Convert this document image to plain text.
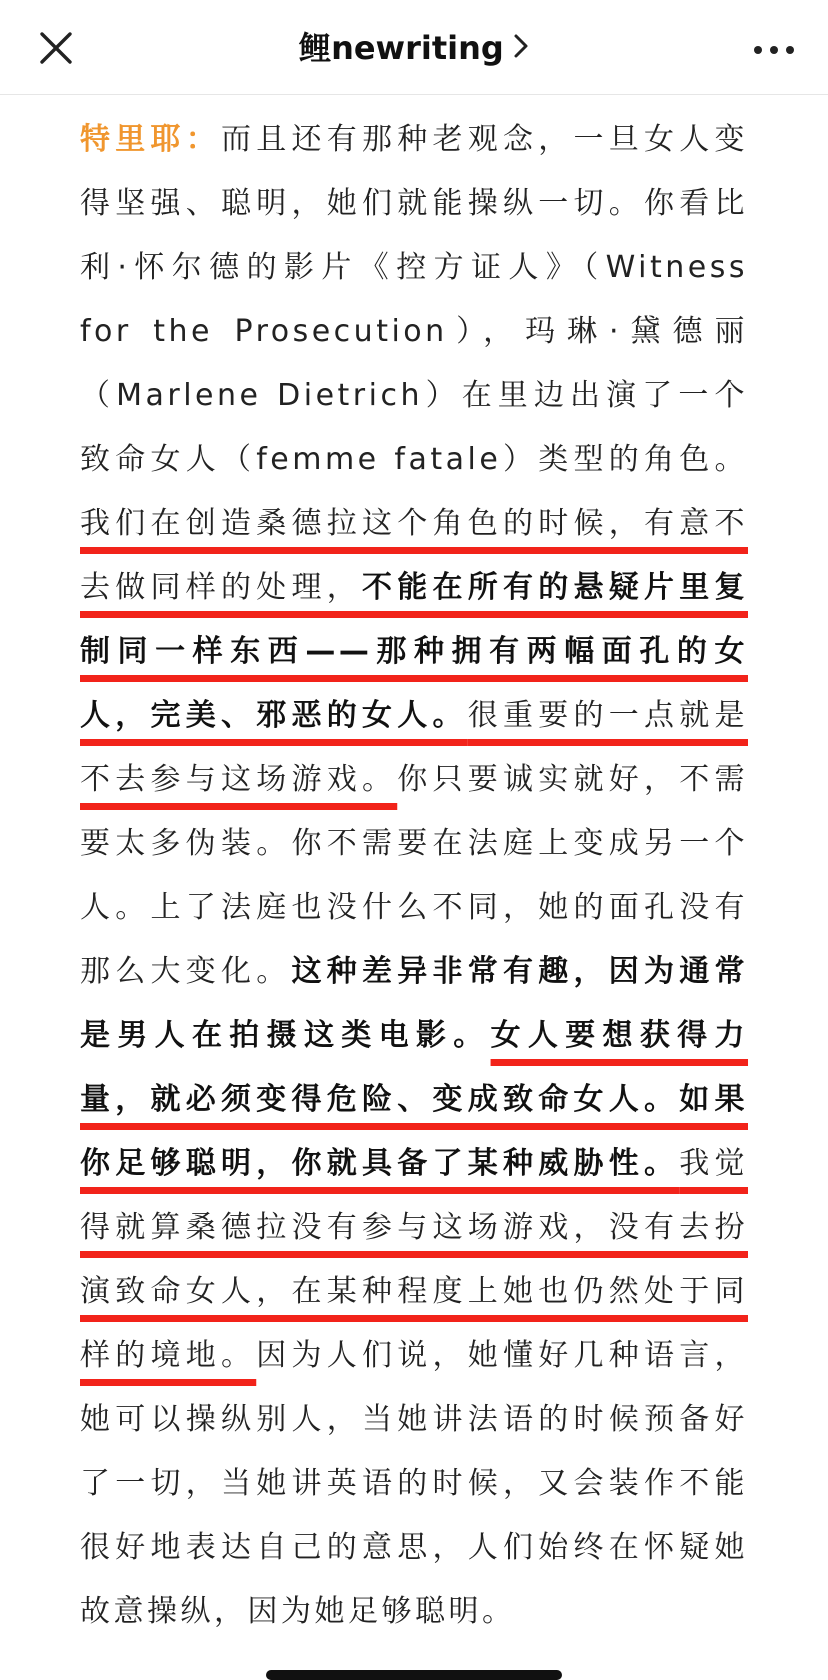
鲤newriting

特里耶：而且还有那种老观念，一旦女人变得坚强、聪明，她们就能操纵一切。你看比利·怀尔德的影片《控方证人》（Witness for the Prosecution），玛琳·黛德丽（Marlene Dietrich）在里边出演了一个致命女人（femme fatale）类型的角色。我们在创造桑德拉这个角色的时候，有意不去做同样的处理，不能在所有的悬疑片里复制同一样东西——那种拥有两幅面孔的女人，完美、邪恶的女人。很重要的一点就是不去参与这场游戏。你只要诚实就好，不需要太多伪装。你不需要在法庭上变成另一个人。上了法庭也没什么不同，她的面孔没有那么大变化。这种差异非常有趣，因为通常是男人在拍摄这类电影。女人要想获得力量，就必须变得危险、变成致命女人。如果你足够聪明，你就具备了某种威胁性。我觉得就算桑德拉没有参与这场游戏，没有去扮演致命女人，在某种程度上她也仍然处于同样的境地。因为人们说，她懂好几种语言，她可以操纵别人，当她讲法语的时候预备好了一切，当她讲英语的时候，又会装作不能很好地表达自己的意思，人们始终在怀疑她故意操纵，因为她足够聪明。
